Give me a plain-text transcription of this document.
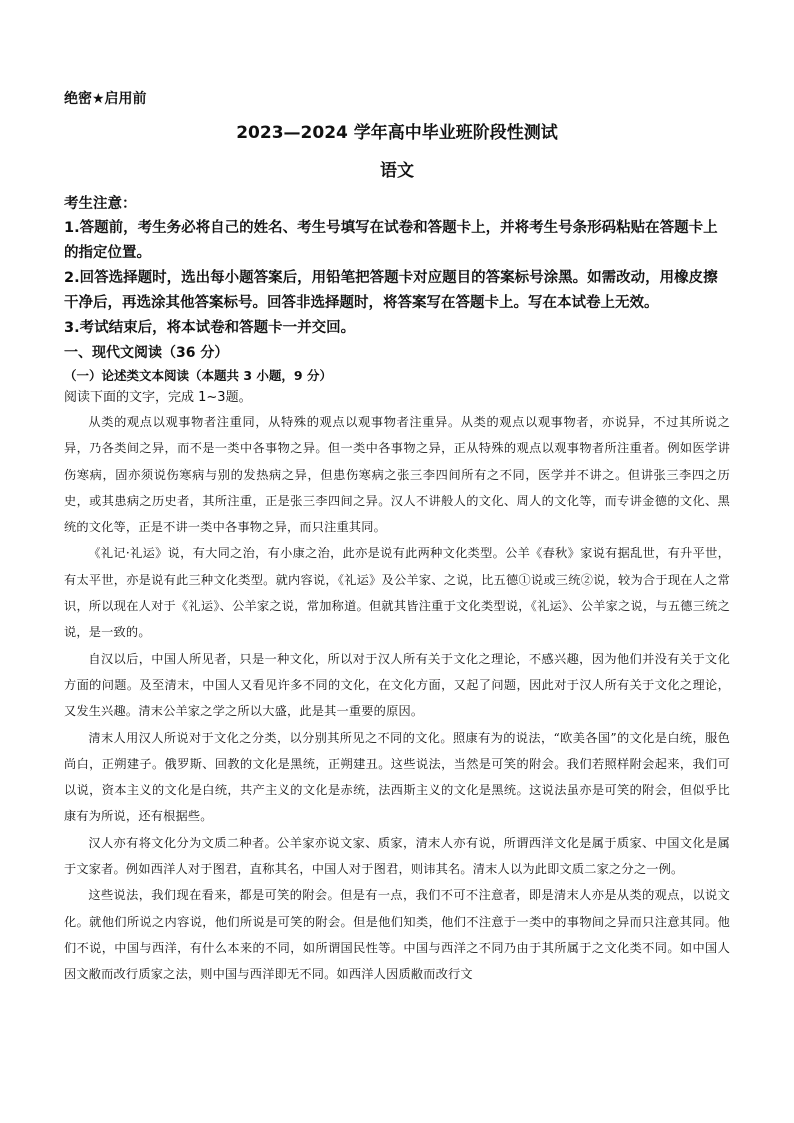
绝密★启用前

2023—2024 学年高中毕业班阶段性测试
语文

考生注意：

1.答题前，考生务必将自己的姓名、考生号填写在试卷和答题卡上，并将考生号条形码粘贴在答题卡上的指定位置。

2.回答选择题时，选出每小题答案后，用铅笔把答题卡对应题目的答案标号涂黑。如需改动，用橡皮擦干净后，再选涂其他答案标号。回答非选择题时，将答案写在答题卡上。写在本试卷上无效。

3.考试结束后，将本试卷和答题卡一并交回。

一、现代文阅读（36 分）

（一）论述类文本阅读（本题共 3 小题，9 分）

阅读下面的文字，完成 1~3题。

从类的观点以观事物者注重同，从特殊的观点以观事物者注重异。从类的观点以观事物者，亦说异，不过其所说之异，乃各类间之异，而不是一类中各事物之异。但一类中各事物之异，正从特殊的观点以观事物者所注重者。例如医学讲伤寒病，固亦须说伤寒病与别的发热病之异，但患伤寒病之张三李四间所有之不同，医学并不讲之。但讲张三李四之历史，或其患病之历史者，其所注重，正是张三李四间之异。汉人不讲般人的文化、周人的文化等，而专讲金德的文化、黑统的文化等，正是不讲一类中各事物之异，而只注重其同。

《礼记·礼运》说，有大同之治，有小康之治，此亦是说有此两种文化类型。公羊《春秋》家说有据乱世，有升平世，有太平世，亦是说有此三种文化类型。就内容说，《礼运》及公羊家、之说，比五德①说或三统②说，较为合于现在人之常识，所以现在人对于《礼运》、公羊家之说，常加称道。但就其皆注重于文化类型说，《礼运》、公羊家之说，与五德三统之说，是一致的。

自汉以后，中国人所见者，只是一种文化，所以对于汉人所有关于文化之理论，不感兴趣，因为他们并没有关于文化方面的问题。及至清末，中国人又看见许多不同的文化，在文化方面，又起了问题，因此对于汉人所有关于文化之理论，又发生兴趣。清末公羊家之学之所以大盛，此是其一重要的原因。

清末人用汉人所说对于文化之分类，以分别其所见之不同的文化。照康有为的说法，“欧美各国”的文化是白统，服色尚白，正朔建子。俄罗斯、回教的文化是黑统，正朔建丑。这些说法，当然是可笑的附会。我们若照样附会起来，我们可以说，资本主义的文化是白统，共产主义的文化是赤统，法西斯主义的文化是黑统。这说法虽亦是可笑的附会，但似乎比康有为所说，还有根据些。

汉人亦有将文化分为文质二种者。公羊家亦说文家、质家，清末人亦有说，所谓西洋文化是属于质家、中国文化是属于文家者。例如西洋人对于图君，直称其名，中国人对于图君，则讳其名。清末人以为此即文质二家之分之一例。

这些说法，我们现在看来，都是可笑的附会。但是有一点，我们不可不注意者，即是清末人亦是从类的观点，以说文化。就他们所说之内容说，他们所说是可笑的附会。但是他们知类，他们不注意于一类中的事物间之异而只注意其同。他们不说，中国与西洋，有什么本来的不同，如所谓国民性等。中国与西洋之不同乃由于其所属于之文化类不同。如中国人因文敝而改行质家之法，则中国与西洋即无不同。如西洋人因质敝而改行文
